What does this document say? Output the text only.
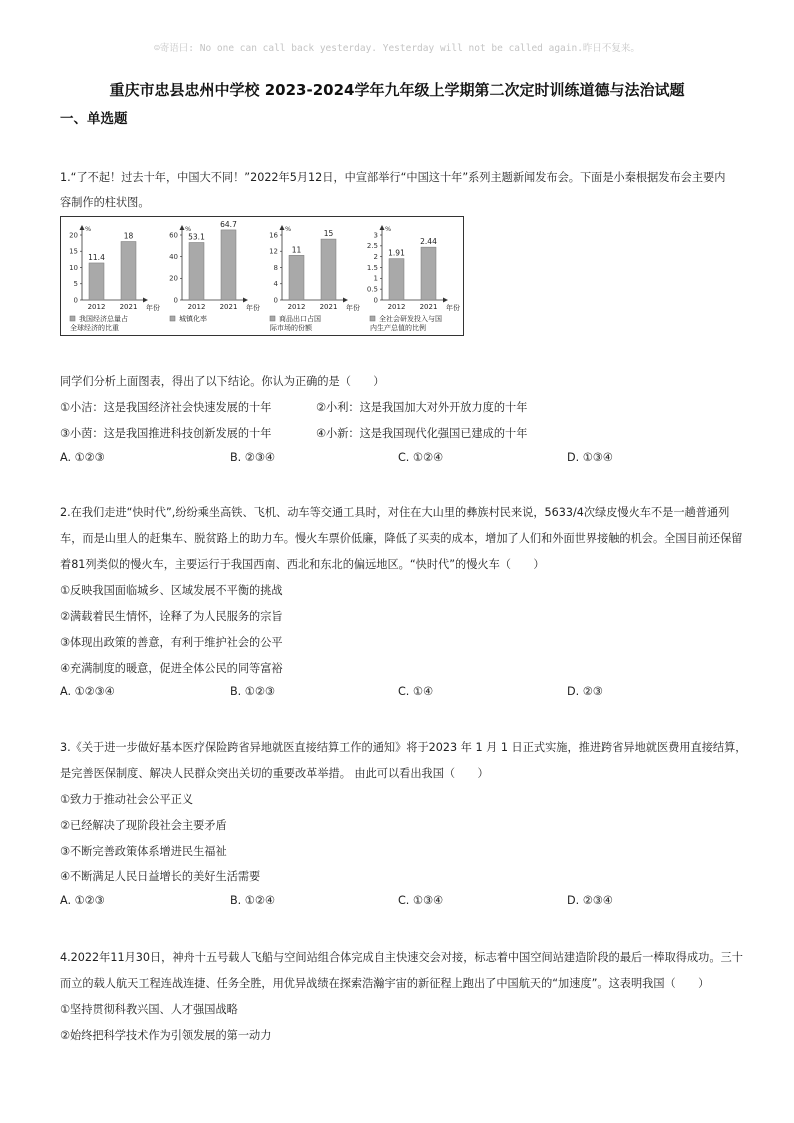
☺寄语曰: No one can call back yesterday. Yesterday will not be called again.昨日不复来。
重庆市忠县忠州中学校 2023-2024学年九年级上学期第二次定时训练道德与法治试题
一、单选题
1.“了不起！过去十年，中国大不同！”2022年5月12日，中宣部举行“中国这十年”系列主题新闻发布会。下面是小秦根据发布会主要内
容制作的柱状图。
%
0
5
10
15
20
11.4
2012
18
2021 年份
我国经济总量占
全球经济的比重
%
0
20
40
60 53.1
2012
64.7
2021 年份
城镇化率
%
0
4
8
12
16
11
2012
15
2021 年份
商品出口占国
际市场的份额
%
0
0.5
1
1.5
2
2.5
3
1.91
2012
2.44
2021 年份
全社会研发投入与国
内生产总值的比例
同学们分析上面图表，得出了以下结论。你认为正确的是（　　）
①小洁：这是我国经济社会快速发展的十年	②小利：这是我国加大对外开放力度的十年
③小茵：这是我国推进科技创新发展的十年	④小新：这是我国现代化强国已建成的十年
A. ①②③	B. ②③④	C. ①②④	D. ①③④
2.在我们走进“快时代”,纷纷乘坐高铁、飞机、动车等交通工具时，对住在大山里的彝族村民来说，5633/4次绿皮慢火车不是一趟普通列
车，而是山里人的赶集车、脱贫路上的助力车。慢火车票价低廉，降低了买卖的成本，增加了人们和外面世界接触的机会。全国目前还保留
着81列类似的慢火车，主要运行于我国西南、西北和东北的偏远地区。“快时代”的慢火车（　　）
①反映我国面临城乡、区域发展不平衡的挑战
②满载着民生情怀，诠释了为人民服务的宗旨
③体现出政策的善意，有利于维护社会的公平
④充满制度的暖意，促进全体公民的同等富裕
A. ①②③④	B. ①②③	C. ①④	D. ②③
3.《关于进一步做好基本医疗保险跨省异地就医直接结算工作的通知》将于2023 年 1 月 1 日正式实施，推进跨省异地就医费用直接结算，
是完善医保制度、解决人民群众突出关切的重要改革举措。 由此可以看出我国（　　）
①致力于推动社会公平正义
②已经解决了现阶段社会主要矛盾
③不断完善政策体系增进民生福祉
④不断满足人民日益增长的美好生活需要
A. ①②③	B. ①②④	C. ①③④	D. ②③④
4.2022年11月30日，神舟十五号载人飞船与空间站组合体完成自主快速交会对接，标志着中国空间站建造阶段的最后一棒取得成功。三十
而立的载人航天工程连战连捷、任务全胜，用优异战绩在探索浩瀚宇宙的新征程上跑出了中国航天的“加速度”。这表明我国（　　）
①坚持贯彻科教兴国、人才强国战略
②始终把科学技术作为引领发展的第一动力
